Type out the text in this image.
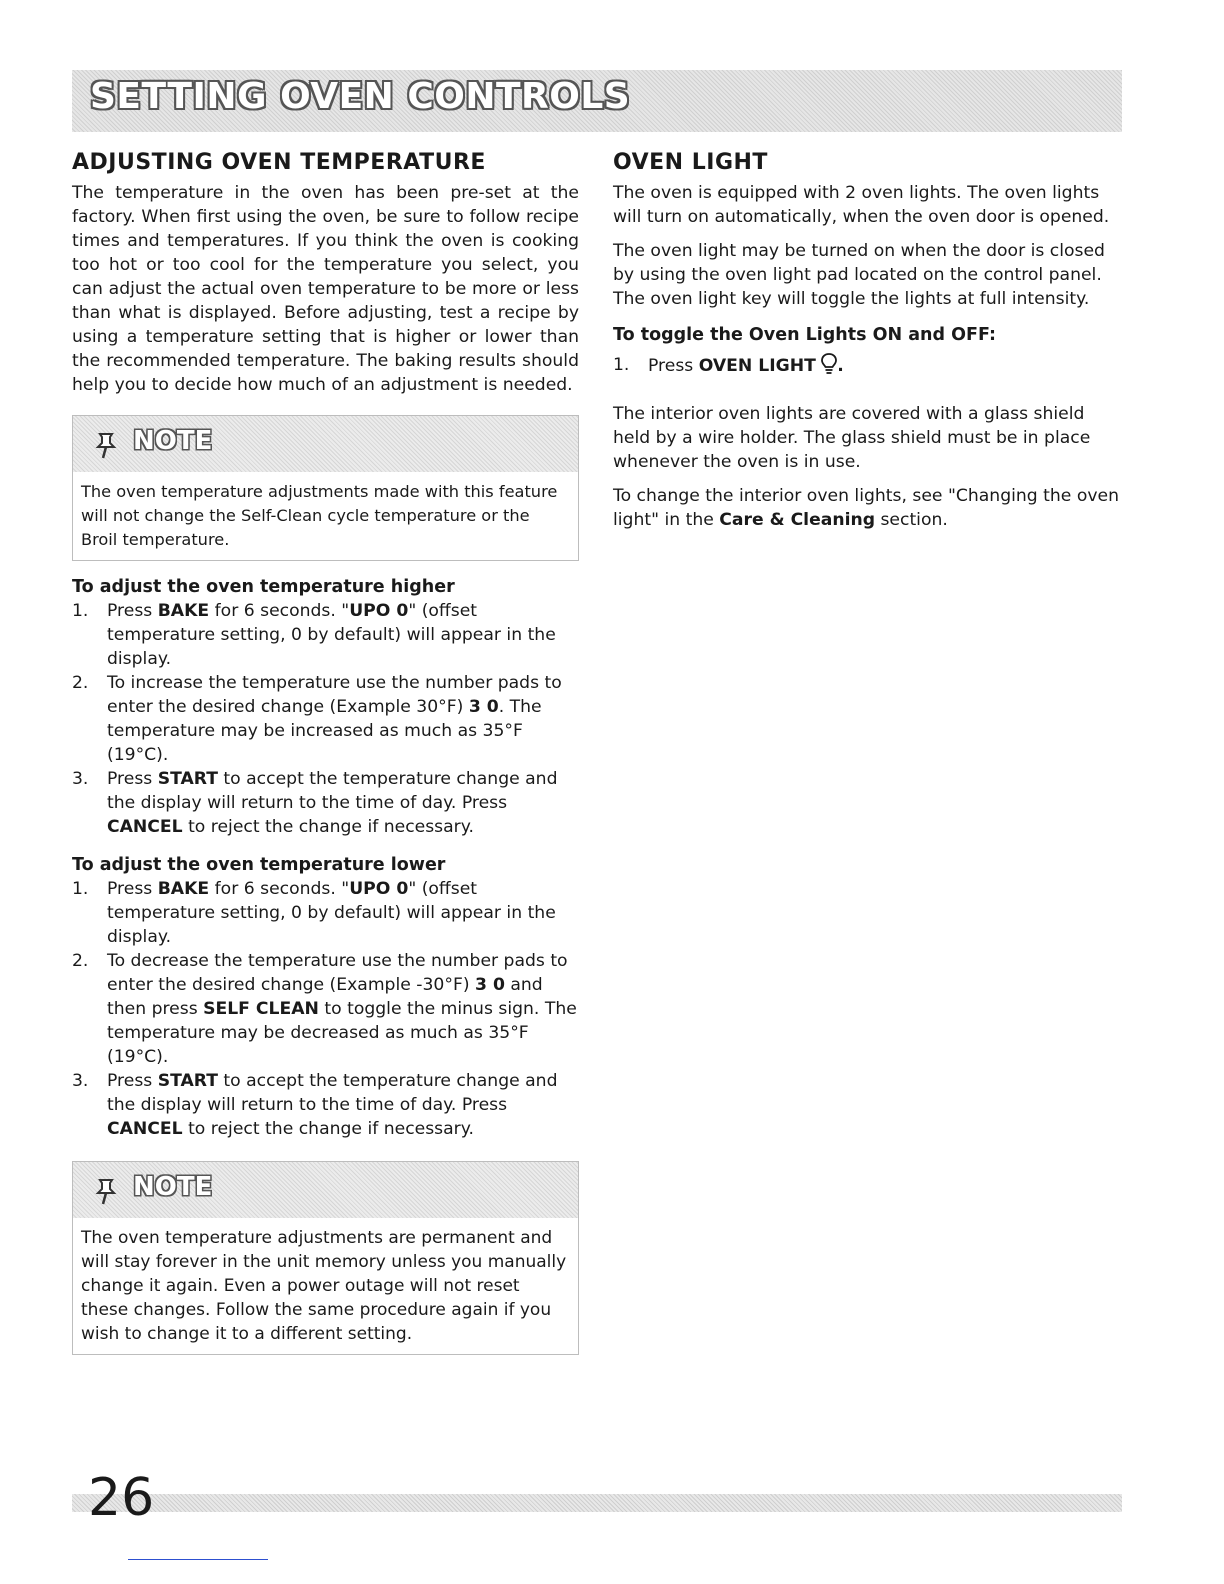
SETTING OVEN CONTROLS
ADJUSTING OVEN TEMPERATURE

The temperature in the oven has been pre-set at the factory. When first using the oven, be sure to follow recipe times and temperatures. If you think the oven is cooking too hot or too cool for the temperature you select, you can adjust the actual oven temperature to be more or less than what is displayed. Before adjusting, test a recipe by using a temperature setting that is higher or lower than the recommended temperature. The baking results should help you to decide how much of an adjustment is needed.

NOTE
The oven temperature adjustments made with this feature will not change the Self-Clean cycle temperature or the Broil temperature.
To adjust the oven temperature higher
1. Press BAKE for 6 seconds. "UPO 0" (offset temperature setting, 0 by default) will appear in the display.
2. To increase the temperature use the number pads to enter the desired change (Example 30°F) 3 0. The temperature may be increased as much as 35°F (19°C).
3. Press START to accept the temperature change and the display will return to the time of day. Press CANCEL to reject the change if necessary.
To adjust the oven temperature lower
1. Press BAKE for 6 seconds. "UPO 0" (offset temperature setting, 0 by default) will appear in the display.
2. To decrease the temperature use the number pads to enter the desired change (Example -30°F) 3 0 and then press SELF CLEAN to toggle the minus sign. The temperature may be decreased as much as 35°F (19°C).
3. Press START to accept the temperature change and the display will return to the time of day. Press CANCEL to reject the change if necessary.
NOTE
The oven temperature adjustments are permanent and will stay forever in the unit memory unless you manually change it again. Even a power outage will not reset these changes. Follow the same procedure again if you wish to change it to a different setting.
OVEN LIGHT

The oven is equipped with 2 oven lights. The oven lights will turn on automatically, when the oven door is opened.

The oven light may be turned on when the door is closed by using the oven light pad located on the control panel. The oven light key will toggle the lights at full intensity.

To toggle the Oven Lights ON and OFF:
1. Press OVEN LIGHT .

The interior oven lights are covered with a glass shield held by a wire holder. The glass shield must be in place whenever the oven is in use.

To change the interior oven lights, see "Changing the oven light" in the Care & Cleaning section.

26
